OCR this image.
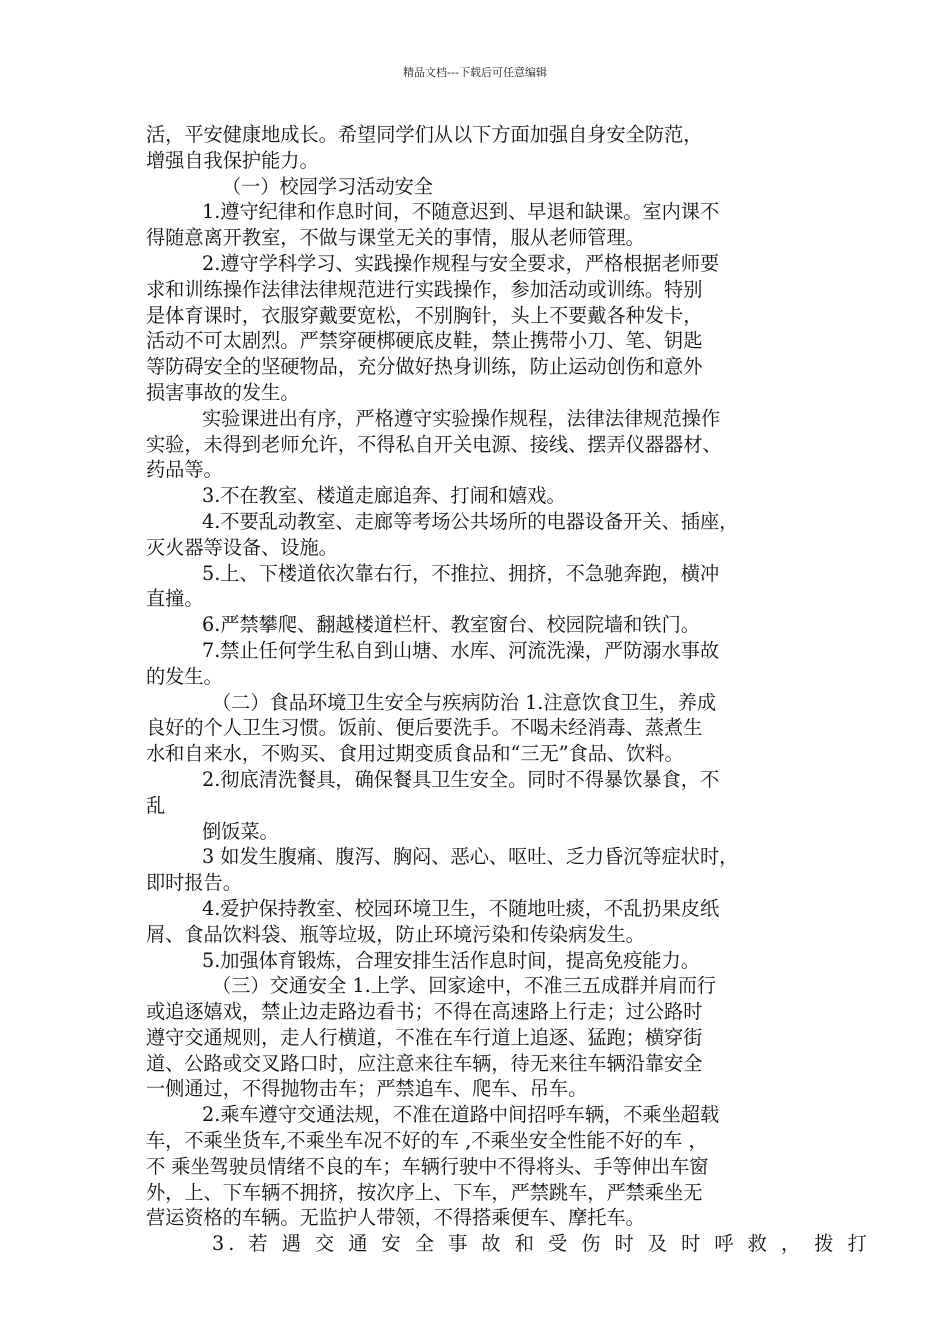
精品文档---下载后可任意编辑
活，平安健康地成长。希望同学们从以下方面加强自身安全防范，
增强自我保护能力。
（一）校园学习活动安全
1.遵守纪律和作息时间，不随意迟到、早退和缺课。室内课不
得随意离开教室，不做与课堂无关的事情，服从老师管理。
2.遵守学科学习、实践操作规程与安全要求，严格根据老师要
求和训练操作法律法律规范进行实践操作，参加活动或训练。特别
是体育课时，衣服穿戴要宽松，不别胸针，头上不要戴各种发卡，
活动不可太剧烈。严禁穿硬梆硬底皮鞋，禁止携带小刀、笔、钥匙
等防碍安全的坚硬物品，充分做好热身训练，防止运动创伤和意外
损害事故的发生。
实验课进出有序，严格遵守实验操作规程，法律法律规范操作
实验，未得到老师允许，不得私自开关电源、接线、摆弄仪器器材、
药品等。
3.不在教室、楼道走廊追奔、打闹和嬉戏。
4.不要乱动教室、走廊等考场公共场所的电器设备开关、插座，
灭火器等设备、设施。
5.上、下楼道依次靠右行，不推拉、拥挤，不急驰奔跑，横冲
直撞。
6.严禁攀爬、翻越楼道栏杆、教室窗台、校园院墙和铁门。
7.禁止任何学生私自到山塘、水库、河流洗澡，严防溺水事故
的发生。
（二）食品环境卫生安全与疾病防治 1.注意饮食卫生，养成
良好的个人卫生习惯。饭前、便后要洗手。不喝未经消毒、蒸煮生
水和自来水，不购买、食用过期变质食品和“三无”食品、饮料。
2.彻底清洗餐具，确保餐具卫生安全。同时不得暴饮暴食，不
乱
倒饭菜。
3 如发生腹痛、腹泻、胸闷、恶心、呕吐、乏力昏沉等症状时，
即时报告。
4.爱护保持教室、校园环境卫生，不随地吐痰，不乱扔果皮纸
屑、食品饮料袋、瓶等垃圾，防止环境污染和传染病发生。
5.加强体育锻炼，合理安排生活作息时间，提高免疫能力。
（三）交通安全 1.上学、回家途中，不准三五成群并肩而行
或追逐嬉戏，禁止边走路边看书；不得在高速路上行走；过公路时
遵守交通规则，走人行横道，不准在车行道上追逐、猛跑；横穿街
道、公路或交叉路口时，应注意来往车辆，待无来往车辆沿靠安全
一侧通过，不得抛物击车；严禁追车、爬车、吊车。
2.乘车遵守交通法规，不准在道路中间招呼车辆，不乘坐超载
车，不乘坐货车,不乘坐车况不好的车 ,不乘坐安全性能不好的车 ，
不 乘坐驾驶员情绪不良的车；车辆行驶中不得将头、手等伸出车窗
外，上、下车辆不拥挤，按次序上、下车，严禁跳车，严禁乘坐无
营运资格的车辆。无监护人带领，不得搭乘便车、摩托车。
3. 若 遇 交 通 安 全 事 故 和 受 伤 时 及 时 呼 救 ， 拨 打
